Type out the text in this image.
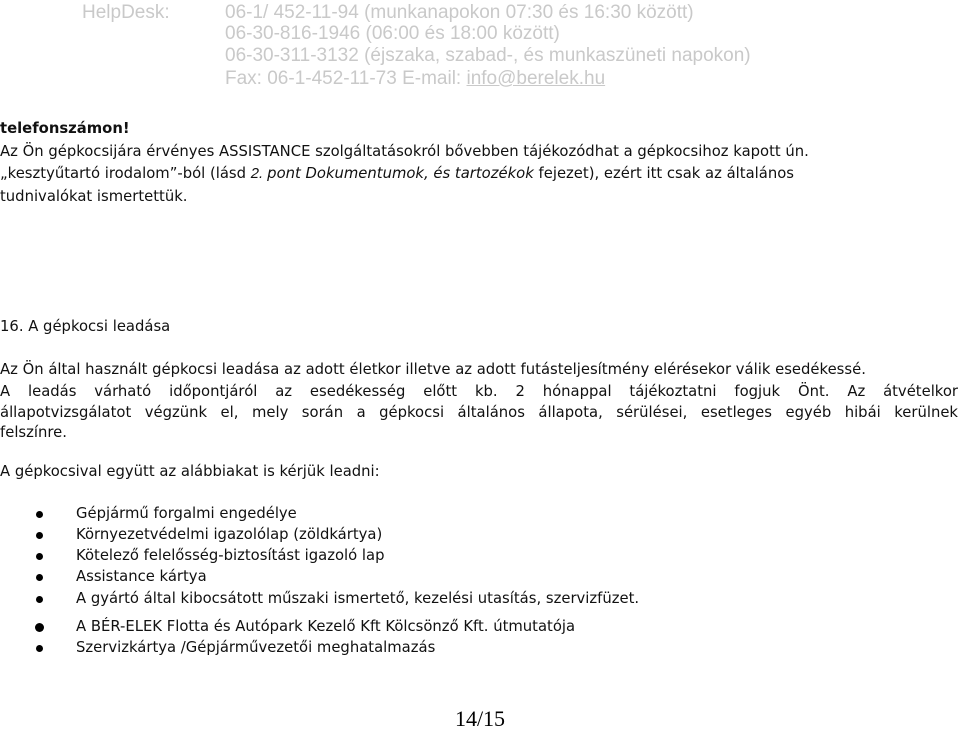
HelpDesk:	06-1/ 452-11-94 (munkanapokon 07:30 és 16:30 között)
06-30-816-1946 (06:00 és 18:00 között)
06-30-311-3132 (éjszaka, szabad-, és munkaszüneti napokon)
Fax: 06-1-452-11-73 E-mail: info@berelek.hu
telefonszámon!
Az Ön gépkocsijára érvényes ASSISTANCE szolgáltatásokról bővebben tájékozódhat a gépkocsihoz kapott ún.
„kesztyűtartó irodalom”-ból (lásd 2. pont Dokumentumok, és tartozékok fejezet), ezért itt csak az általános
tudnivalókat ismertettük.
16. A gépkocsi leadása
Az Ön által használt gépkocsi leadása az adott életkor illetve az adott futásteljesítmény elérésekor válik esedékessé.
A leadás várható időpontjáról az esedékesség előtt kb. 2 hónappal tájékoztatni fogjuk Önt. Az átvételkor
állapotvizsgálatot végzünk el, mely során a gépkocsi általános állapota, sérülései, esetleges egyéb hibái kerülnek
felszínre.
A gépkocsival együtt az alábbiakat is kérjük leadni:
Gépjármű forgalmi engedélye
Környezetvédelmi igazolólap (zöldkártya)
Kötelező felelősség-biztosítást igazoló lap
Assistance kártya
A gyártó által kibocsátott műszaki ismertető, kezelési utasítás, szervizfüzet.
A BÉR-ELEK Flotta és Autópark Kezelő Kft Kölcsönző Kft. útmutatója
Szervizkártya /Gépjárművezetői meghatalmazás
14/15
